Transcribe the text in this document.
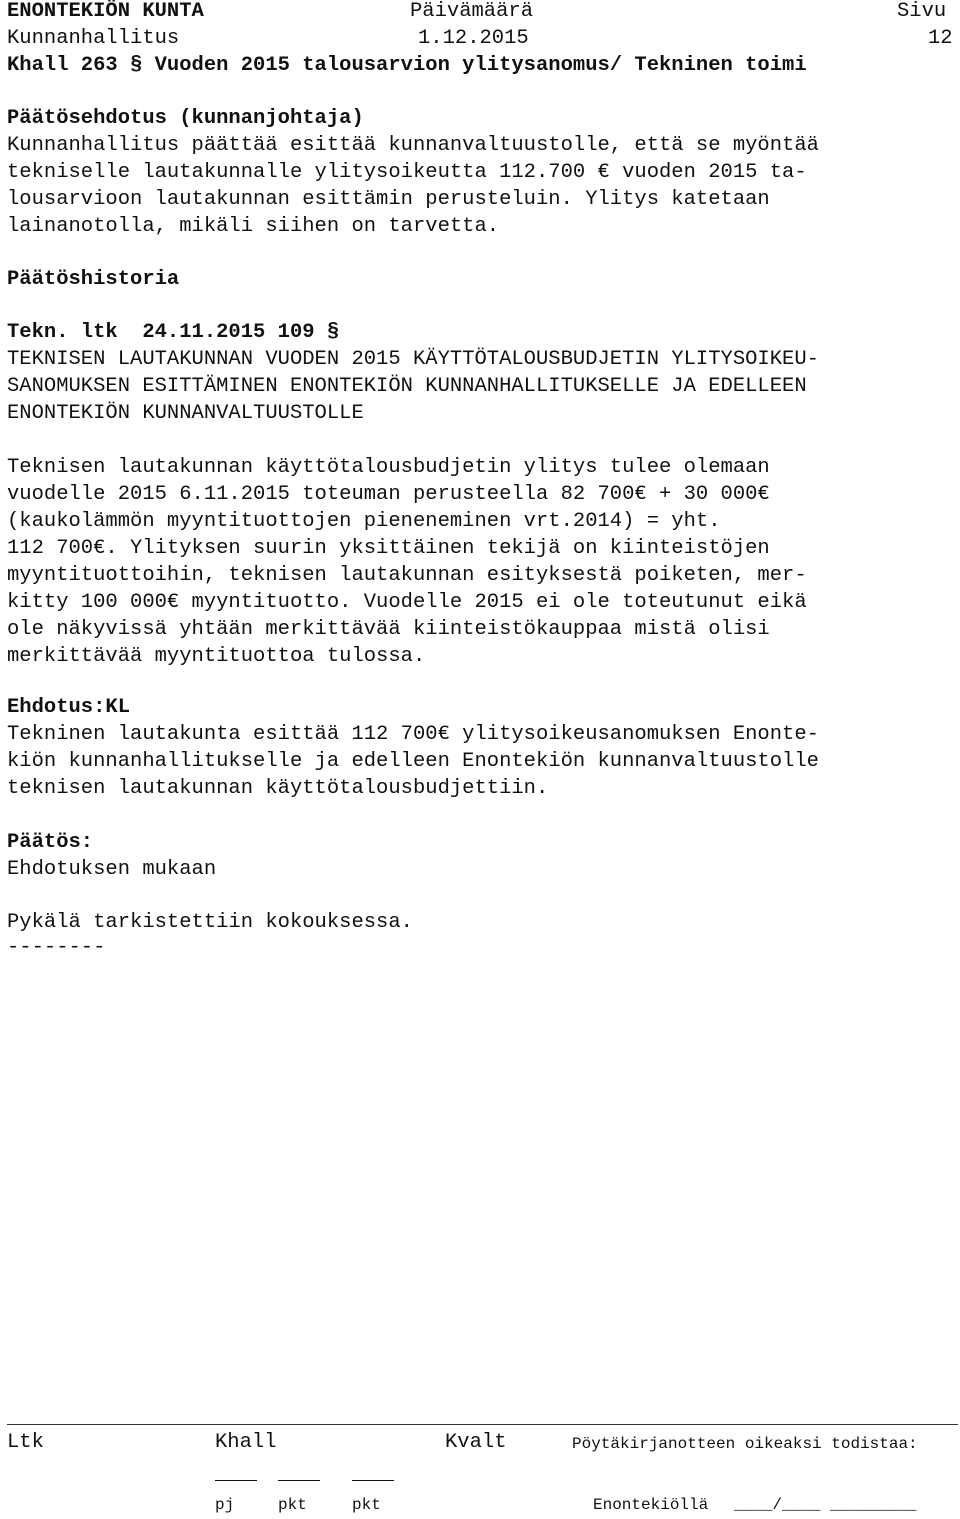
ENONTEKIÖN KUNTA	Päivämäärä	Sivu
Kunnanhallitus	1.12.2015	12
Khall 263 § Vuoden 2015 talousarvion ylitysanomus/ Tekninen toimi
Päätösehdotus (kunnanjohtaja)
Kunnanhallitus päättää esittää kunnanvaltuustolle, että se myöntää
tekniselle lautakunnalle ylitysoikeutta 112.700 € vuoden 2015 ta-
lousarvioon lautakunnan esittämin perusteluin. Ylitys katetaan
lainanotolla, mikäli siihen on tarvetta.
Päätöshistoria
Tekn. ltk  24.11.2015 109 §
TEKNISEN LAUTAKUNNAN VUODEN 2015 KÄYTTÖTALOUSBUDJETIN YLITYSOIKEU-
SANOMUKSEN ESITTÄMINEN ENONTEKIÖN KUNNANHALLITUKSELLE JA EDELLEEN
ENONTEKIÖN KUNNANVALTUUSTOLLE
Teknisen lautakunnan käyttötalousbudjetin ylitys tulee olemaan
vuodelle 2015 6.11.2015 toteuman perusteella 82 700€ + 30 000€
(kaukolämmön myyntituottojen pieneneminen vrt.2014) = yht.
112 700€. Ylityksen suurin yksittäinen tekijä on kiinteistöjen
myyntituottoihin, teknisen lautakunnan esityksestä poiketen, mer-
kitty 100 000€ myyntituotto. Vuodelle 2015 ei ole toteutunut eikä
ole näkyvissä yhtään merkittävää kiinteistökauppaa mistä olisi
merkittävää myyntituottoa tulossa.
Ehdotus:KL
Tekninen lautakunta esittää 112 700€ ylitysoikeusanomuksen Enonte-
kiön kunnanhallitukselle ja edelleen Enontekiön kunnanvaltuustolle
teknisen lautakunnan käyttötalousbudjettiin.
Päätös:
Ehdotuksen mukaan
Pykälä tarkistettiin kokouksessa.
--------
Ltk	Khall	Kvalt	Pöytäkirjanotteen oikeaksi todistaa:
pj	pkt	pkt	Enontekiöllä ____/____ _________
